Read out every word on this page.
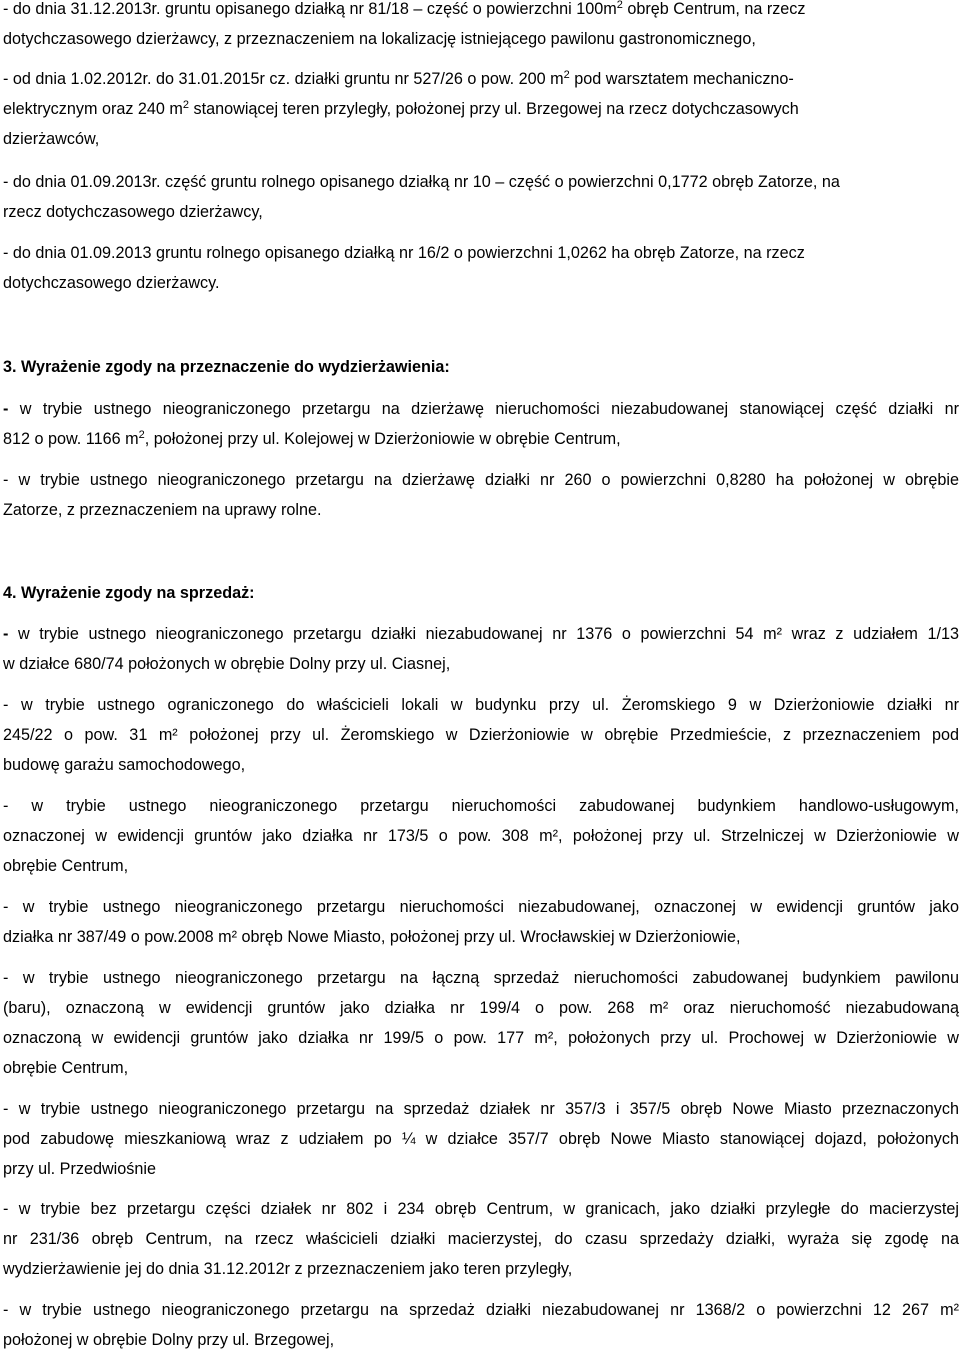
- do dnia 31.12.2013r. gruntu opisanego działką nr 81/18 – część o powierzchni $100m^2$ obręb Centrum, na rzecz
dotychczasowego dzierżawcy, z przeznaczeniem na lokalizację istniejącego pawilonu gastronomicznego,
- od dnia 1.02.2012r. do 31.01.2015r cz. działki gruntu nr 527/26 o pow. 200 $m^2$ pod warsztatem mechaniczno-
elektrycznym oraz 240 $m^2$ stanowiącej teren przyległy, położonej przy ul. Brzegowej na rzecz dotychczasowych
dzierżawców,
- do dnia 01.09.2013r. część gruntu rolnego opisanego działką nr 10 – część o powierzchni 0,1772 obręb Zatorze, na
rzecz dotychczasowego dzierżawcy,
- do dnia 01.09.2013 gruntu rolnego opisanego działką nr 16/2 o powierzchni 1,0262 ha obręb Zatorze, na rzecz
dotychczasowego dzierżawcy.
3. Wyrażenie zgody na przeznaczenie do wydzierżawienia:
- w trybie ustnego nieograniczonego przetargu na dzierżawę nieruchomości niezabudowanej stanowiącej część działki nr
812 o pow. 1166 $m^2$, położonej przy ul. Kolejowej w Dzierżoniowie w obrębie Centrum,
- w trybie ustnego nieograniczonego przetargu na dzierżawę działki nr 260 o powierzchni 0,8280 ha położonej w obrębie
Zatorze, z przeznaczeniem na uprawy rolne.
4. Wyrażenie zgody na sprzedaż:
- w trybie ustnego nieograniczonego przetargu działki niezabudowanej nr 1376 o powierzchni 54 m² wraz z udziałem 1/13
w działce 680/74 położonych w obrębie Dolny przy ul. Ciasnej,
- w trybie ustnego ograniczonego do właścicieli lokali w budynku przy ul. Żeromskiego 9 w Dzierżoniowie działki nr
245/22 o pow. 31 m² położonej przy ul. Żeromskiego w Dzierżoniowie w obrębie Przedmieście, z przeznaczeniem pod
budowę garażu samochodowego,
- w trybie ustnego nieograniczonego przetargu nieruchomości zabudowanej budynkiem handlowo-usługowym,
oznaczonej w ewidencji gruntów jako działka nr 173/5 o pow. 308 m², położonej przy ul. Strzelniczej w Dzierżoniowie w
obrębie Centrum,
- w trybie ustnego nieograniczonego przetargu nieruchomości niezabudowanej, oznaczonej w ewidencji gruntów jako
działka nr 387/49 o pow.2008 m² obręb Nowe Miasto, położonej przy ul. Wrocławskiej w Dzierżoniowie,
- w trybie ustnego nieograniczonego przetargu na łączną sprzedaż nieruchomości zabudowanej budynkiem pawilonu
(baru), oznaczoną w ewidencji gruntów jako działka nr 199/4 o pow. 268 m² oraz nieruchomość niezabudowaną
oznaczoną w ewidencji gruntów jako działka nr 199/5 o pow. 177 m², położonych przy ul. Prochowej w Dzierżoniowie w
obrębie Centrum,
- w trybie ustnego nieograniczonego przetargu na sprzedaż działek nr 357/3 i 357/5 obręb Nowe Miasto przeznaczonych
pod zabudowę mieszkaniową wraz z udziałem po ¼ w działce 357/7 obręb Nowe Miasto stanowiącej dojazd, położonych
przy ul. Przedwiośnie
- w trybie bez przetargu części działek nr 802 i 234 obręb Centrum, w granicach, jako działki przyległe do macierzystej
nr 231/36 obręb Centrum, na rzecz właścicieli działki macierzystej, do czasu sprzedaży działki, wyraża się zgodę na
wydzierżawienie jej do dnia 31.12.2012r z przeznaczeniem jako teren przyległy,
- w trybie ustnego nieograniczonego przetargu na sprzedaż działki niezabudowanej nr 1368/2 o powierzchni 12 267 m²
położonej w obrębie Dolny przy ul. Brzegowej,
